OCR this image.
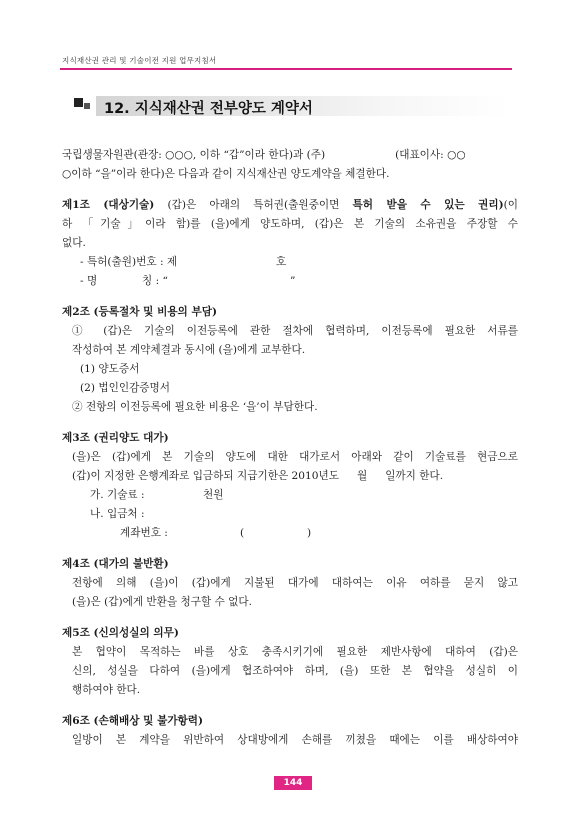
지식재산권 관리 및 기술이전 지원 업무지침서
12. 지식재산권 전부양도 계약서
국립생물자원관(관장: ○○○, 이하 “갑”이라 한다)과 (주)	(대표이사: ○○
○이하 “을”이라 한다)은 다음과 같이 지식재산권 양도계약을 체결한다.
제1조 (대상기술) (갑)은 아래의 특허권(출원중이면 특허 받을 수 있는 권리)(이
하 「기술」이라 함)를 (을)에게 양도하며, (갑)은 본 기술의 소유권을 주장할 수
없다.
- 특허(출원)번호 : 제	호
- 명	칭 : “	”
제2조 (등록절차 및 비용의 부담)
① (갑)은 기술의 이전등록에 관한 절차에 협력하며, 이전등록에 필요한 서류를
작성하여 본 계약체결과 동시에 (을)에게 교부한다.
(1) 양도증서
(2) 법인인감증명서
② 전항의 이전등록에 필요한 비용은 ‘을’이 부담한다.
제3조 (권리양도 대가)
(을)은 (갑)에게 본 기술의 양도에 대한 대가로서 아래와 같이 기술료를 현금으로
(갑)이 지정한 은행계좌로 입금하되 지급기한은 2010년도 월 일까지 한다.
가. 기술료 :	천원
나. 입금처 :
계좌번호 :	(	)
제4조 (대가의 불반환)
전항에 의해 (을)이 (갑)에게 지불된 대가에 대하여는 이유 여하를 묻지 않고
(을)은 (갑)에게 반환을 청구할 수 없다.
제5조 (신의성실의 의무)
본 협약이 목적하는 바를 상호 충족시키기에 필요한 제반사항에 대하여 (갑)은
신의, 성실을 다하여 (을)에게 협조하여야 하며, (을) 또한 본 협약을 성실히 이
행하여야 한다.
제6조 (손해배상 및 불가항력)
일방이 본 계약을 위반하여 상대방에게 손해를 끼쳤을 때에는 이를 배상하여야
144
